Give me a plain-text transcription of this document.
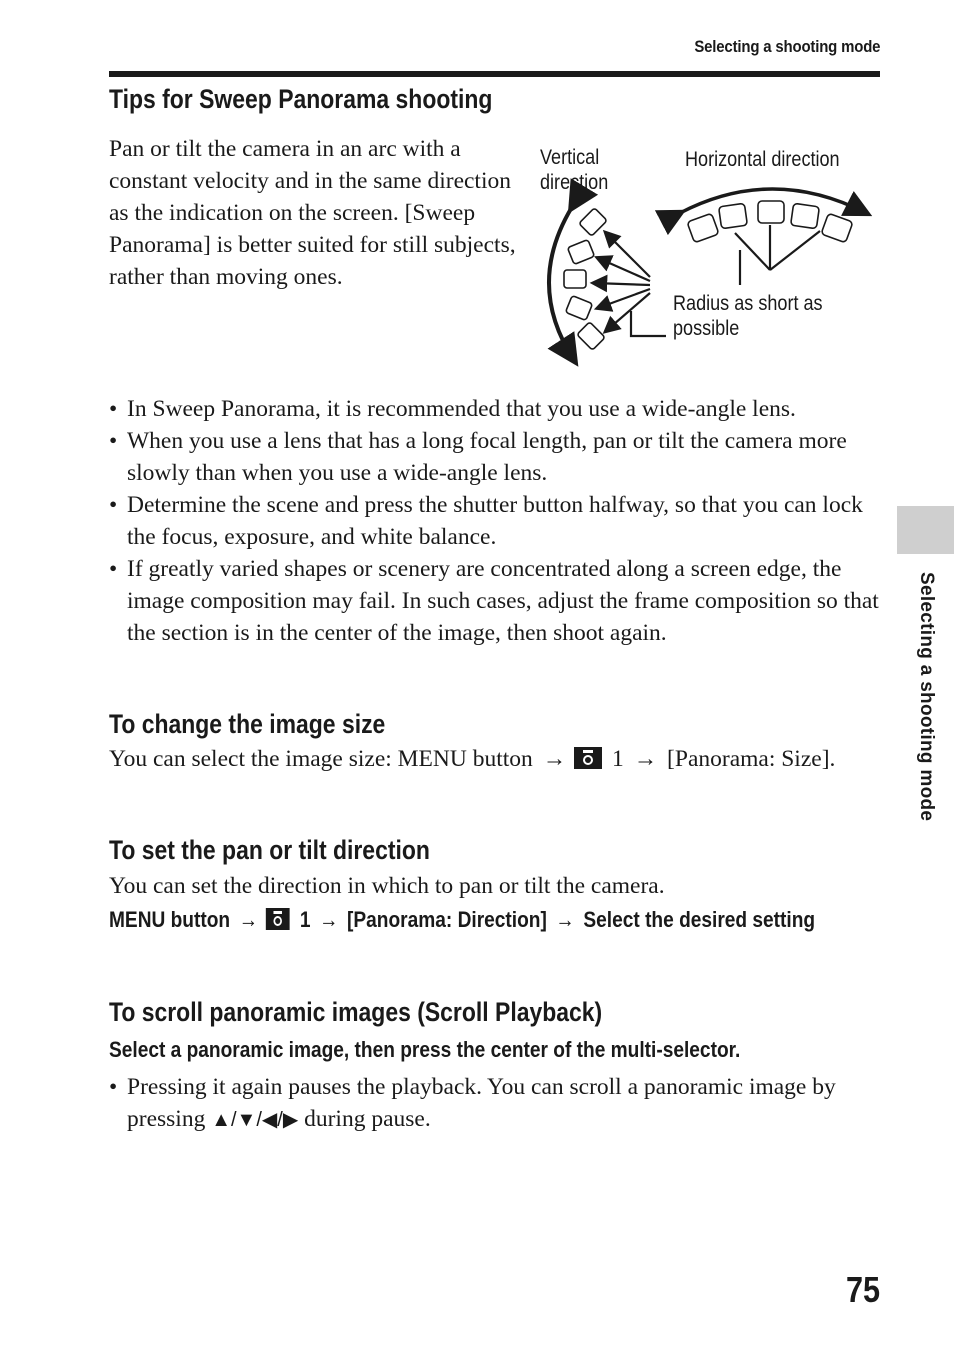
Selecting a shooting mode
Tips for Sweep Panorama shooting

Pan or tilt the camera in an arc with a constant velocity and in the same direction as the indication on the screen. [Sweep Panorama] is better suited for still subjects, rather than moving ones.

Vertical direction
Horizontal direction
Radius as short as possible
• In Sweep Panorama, it is recommended that you use a wide-angle lens.
• When you use a lens that has a long focal length, pan or tilt the camera more slowly than when you use a wide-angle lens.
• Determine the scene and press the shutter button halfway, so that you can lock the focus, exposure, and white balance.
• If greatly varied shapes or scenery are concentrated along a screen edge, the image composition may fail. In such cases, adjust the frame composition so that the section is in the center of the image, then shoot again.
To change the image size

You can select the image size: MENU button → 1 → [Panorama: Size].

To set the pan or tilt direction

You can set the direction in which to pan or tilt the camera.

MENU button → 1 → [Panorama: Direction] → Select the desired setting

To scroll panoramic images (Scroll Playback)

Select a panoramic image, then press the center of the multi-selector.

• Pressing it again pauses the playback. You can scroll a panoramic image by pressing ▲/▼/◀/▶ during pause.
Selecting a shooting mode
75
